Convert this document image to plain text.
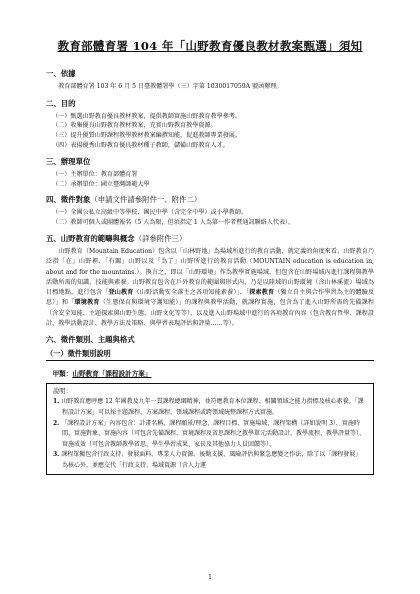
教育部體育署 104 年「山野教育優良教材教案甄選」須知
一、依據
教育部體育署 103 年 6 月 5 日臺教體署學（三）字第 1030017059A 號函辦理。
二、目的
（一）甄選山野教育優良教材教案，提供教師實施山野教育教學參考。
（二）收集優良山野教育教材教案，充實山野教育教學資源。
（三）提升優質山野課程教學教材教案編撰知能，促進教師專業發展。
（四）表揚優秀山野教育優良教材種子教師，儲備山野教育人才。
三、辦理單位
（一）主辦單位：教育部體育署
（二）承辦單位：國立臺灣師範大學
四、徵件對象（申請文件請參附件一、附件二）
（一）全國公私立高級中等學校、國民中學（含完全中學）或小學教師。
（二）教師可個人或團體報名（5 人為限，但須指定 1 人為第一作者暨通訊聯絡人代表）。
五、山野教育的範疇與概念（詳參附件三）
山野教育（Mountain Education）包含以「山林野地」為場域所進行的教育活動，就定義的角度來看，山野教育乃泛指「在」山野裡、「有關」山野以及「為了」山野所進行的教育活動（MOUNTAIN education is education in, about and for the mountains.）。換言之，即以「山野環境」作為教學實施場域，但包含在山野場域內進行課程與教學活動所需的知識、技能與素養。山野教育包含在戶外教育的範圍與形式內，乃是以陸域的山野環境（含山林溪流）場域為目標地點，進行包含「登山教育（山野活動安全落主之各項知能素養）」、「探索教育（獨立自主與合作學習為主的體驗反思）」和「環境教育（生態保育與環境守護知能）」的課程與教學活動，就課程實施，包含為了進入山野所需的先備課程（含安全知能、主題探索與山野生態、山野文化等等），以及進入山野場域中進行的各項教育內容（包含教育哲學、課程設計、教學活動設計、教學方法及策略、與學習表現評估與評量……等）。
六、徵件類別、主題與格式
（一）徵件類別說明
甲類：山野教育「課程設計方案」
說明：
1. 山野教育應呼應 12 年國教及九年一貫課程總綱精神，並符應教育本位課程、相關領域之能力指標及核心素養。「課程設計方案」可以採主題課程、方案課程、領域課程或跨領域統整課程方式實施。
2. 「課程設計方案」內容包含：計畫名稱、課程願景/理念、課程目標、實施場域、課程架構（詳如說明 3）、實施時間、實施對象、實施內容（可包含先備課程、實境課程及省思課程之教學單元活動設計、教學流程、教學評量等）、實施成效（可包含教師教學省思、學生學習成果、家長及其他協力人員回饋等）。
3. 課程單獨包含行政支持、發展面料、專業人力資源、後勤支援、風險評估與緊急應變之作法，除了以「課程發展」為核心外，並應交代「行政支持、場域資源（含人力運
1
